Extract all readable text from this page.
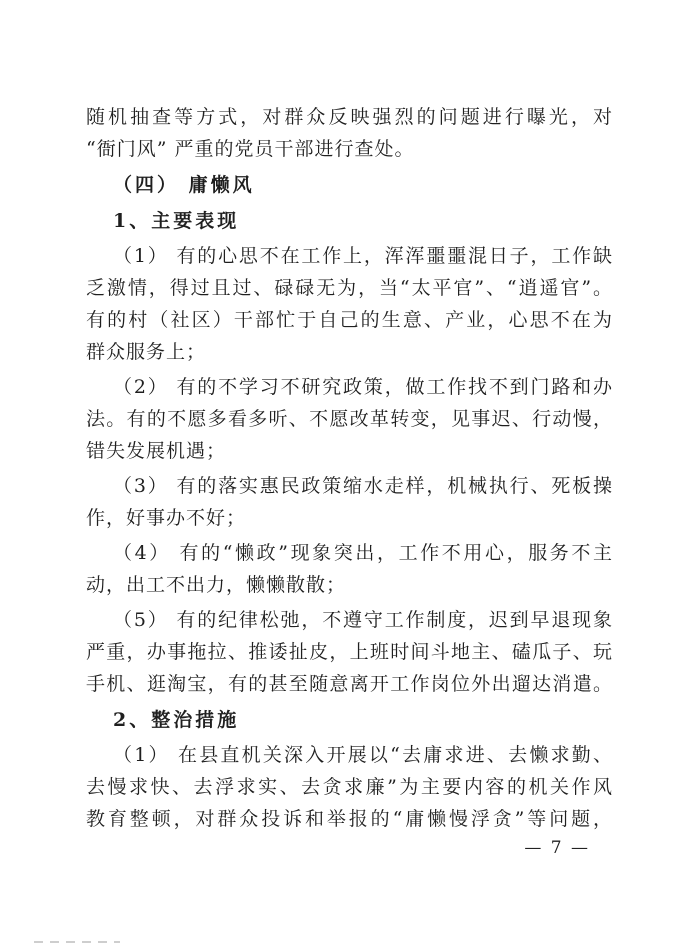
随机抽查等方式，对群众反映强烈的问题进行曝光，对
“衙门风” 严重的党员干部进行查处。
（四） 庸懒风
1、主要表现
（1） 有的心思不在工作上，浑浑噩噩混日子，工作缺
乏激情，得过且过、碌碌无为，当“太平官”、“逍遥官”。
有的村（社区）干部忙于自己的生意、产业，心思不在为
群众服务上；
（2） 有的不学习不研究政策，做工作找不到门路和办
法。有的不愿多看多听、不愿改革转变，见事迟、行动慢，
错失发展机遇；
（3） 有的落实惠民政策缩水走样，机械执行、死板操
作，好事办不好；
（4） 有的“懒政”现象突出，工作不用心，服务不主
动，出工不出力，懒懒散散；
（5） 有的纪律松弛，不遵守工作制度，迟到早退现象
严重，办事拖拉、推诿扯皮，上班时间斗地主、磕瓜子、玩
手机、逛淘宝，有的甚至随意离开工作岗位外出遛达消遣。
2、整治措施
（1） 在县直机关深入开展以“去庸求进、去懒求勤、
去慢求快、去浮求实、去贪求廉”为主要内容的机关作风
教育整顿，对群众投诉和举报的“庸懒慢浮贪”等问题，
— 7 —
